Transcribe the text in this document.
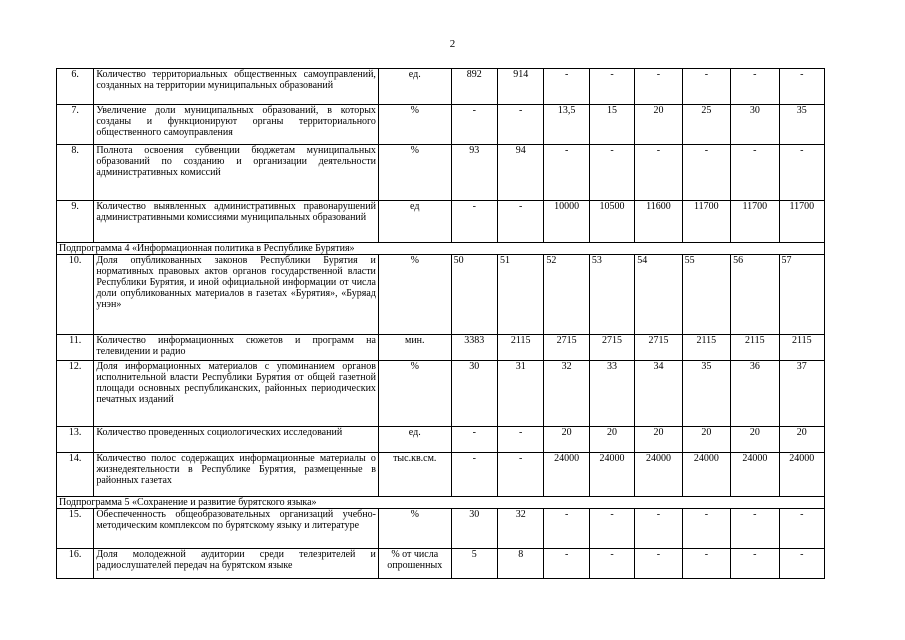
2
6.	Количество территориальных общественных самоуправлений, созданных на территории муниципальных образований	ед.	892	914	-	-	-	-	-	-
7.	Увеличение доли муниципальных образований, в которых созданы и функционируют органы территориального общественного самоуправления	%	-	-	13,5	15	20	25	30	35
8.	Полнота освоения субвенции бюджетам муниципальных образований по созданию и организации деятельности административных комиссий	%	93	94	-	-	-	-	-	-
9.	Количество выявленных административных правонарушений административными комиссиями муниципальных образований	ед	-	-	10000	10500	11600	11700	11700	11700
Подпрограмма 4 «Информационная политика в Республике Бурятия»										
10.	Доля опубликованных законов Республики Бурятия и нормативных правовых актов органов государственной власти Республики Бурятия, и иной официальной информации от числа доли опубликованных материалов в газетах «Бурятия», «Буряад унэн»	%	50	51	52	53	54	55	56	57
11.	Количество информационных сюжетов и программ на телевидении и радио	мин.	3383	2115	2715	2715	2715	2115	2115	2115
12.	Доля информационных материалов с упоминанием органов исполнительной власти Республики Бурятия от общей газетной площади основных республиканских, районных периодических печатных изданий	%	30	31	32	33	34	35	36	37
13.	Количество проведенных социологических исследований	ед.	-	-	20	20	20	20	20	20
14.	Количество полос содержащих информационные материалы о жизнедеятельности в Республике Бурятия, размещенные в районных газетах	тыс.кв.см.	-	-	24000	24000	24000	24000	24000	24000
Подпрограмма 5 «Сохранение и развитие бурятского языка»										
15.	Обеспеченность общеобразовательных организаций учебно-методическим комплексом по бурятскому языку и литературе	%	30	32	-	-	-	-	-	-
16.	Доля молодежной аудитории среди телезрителей и радиослушателей передач на бурятском языке	% от числа опрошенных	5	8	-	-	-	-	-	-
